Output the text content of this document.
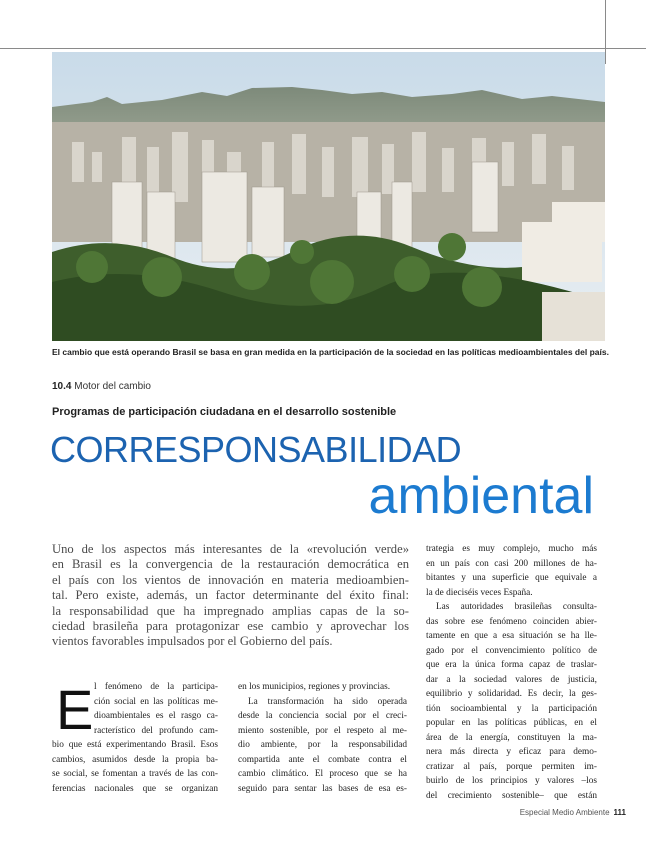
El cambio que está operando Brasil se basa en gran medida en la participación de la sociedad en las políticas medioambientales del país.
10.4 Motor del cambio
Programas de participación ciudadana en el desarrollo sostenible
CORRESPONSABILIDAD
ambiental
Uno de los aspectos más interesantes de la «revolución verde»
en Brasil es la convergencia de la restauración democrática en
el país con los vientos de innovación en materia medioambien-
tal. Pero existe, además, un factor determinante del éxito final:
la responsabilidad que ha impregnado amplias capas de la so-
ciedad brasileña para protagonizar ese cambio y aprovechar los
vientos favorables impulsados por el Gobierno del país.
E l fenómeno de la participa-
ción social en las políticas me-
dioambientales es el rasgo ca-
racterístico del profundo cam-
bio que está experimentando Brasil. Esos
cambios, asumidos desde la propia ba-
se social, se fomentan a través de las con-
ferencias nacionales que se organizan
en los municipios, regiones y provincias.
La transformación ha sido operada
desde la conciencia social por el creci-
miento sostenible, por el respeto al me-
dio ambiente, por la responsabilidad
compartida ante el combate contra el
cambio climático. El proceso que se ha
seguido para sentar las bases de esa es-
trategia es muy complejo, mucho más
en un país con casi 200 millones de ha-
bitantes y una superficie que equivale a
la de dieciséis veces España.
Las autoridades brasileñas consulta-
das sobre ese fenómeno coinciden abier-
tamente en que a esa situación se ha lle-
gado por el convencimiento político de
que era la única forma capaz de traslar-
dar a la sociedad valores de justicia,
equilibrio y solidaridad. Es decir, la ges-
tión socioambiental y la participación
popular en las políticas públicas, en el
área de la energía, constituyen la ma-
nera más directa y eficaz para demo-
cratizar al país, porque permiten im-
buirlo de los principios y valores –los
del crecimiento sostenible– que están
Especial Medio Ambiente 111
